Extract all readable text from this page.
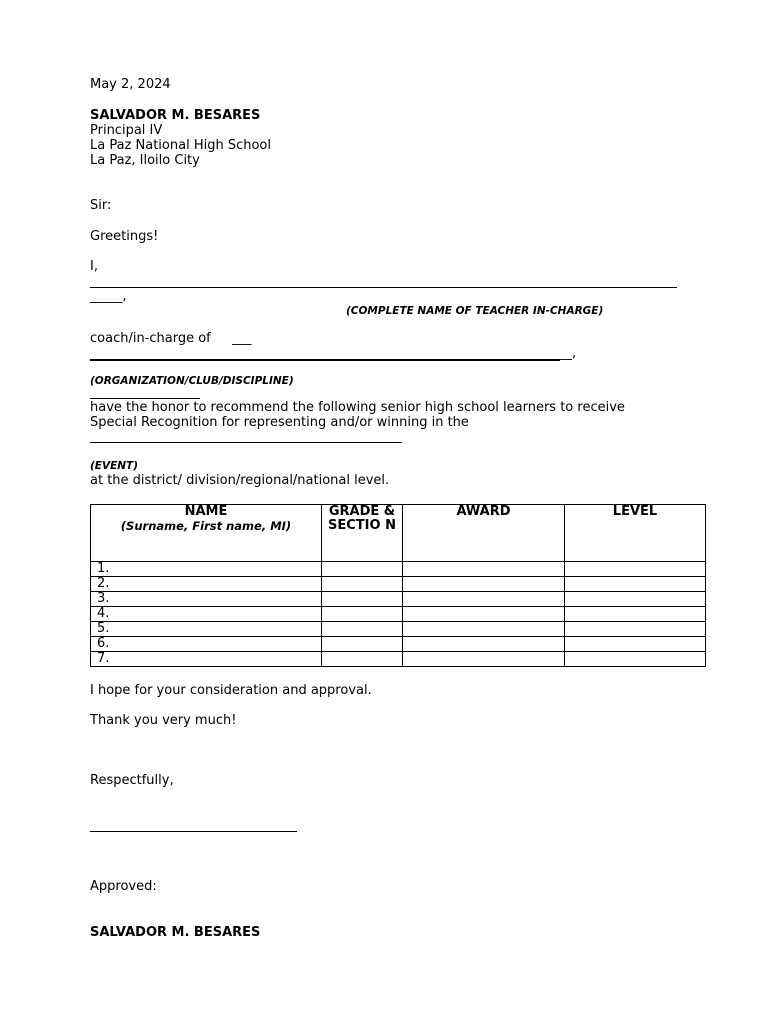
May 2, 2024
SALVADOR M. BESARES
Principal IV
La Paz National High School
La Paz, Iloilo City
Sir:
Greetings!
I,
_____,
(COMPLETE NAME OF TEACHER IN-CHARGE)
coach/in-charge of ___
__,
(ORGANIZATION/CLUB/DISCIPLINE)
have the honor to recommend the following senior high school learners to receive
Special Recognition for representing and/or winning in the
(EVENT)
at the district/ division/regional/national level.
NAME
(Surname, First name, MI)	GRADE & SECTIO N	AWARD	LEVEL
1.			
2.			
3.			
4.			
5.			
6.			
7.			
I hope for your consideration and approval.
Thank you very much!
Respectfully,
Approved:
SALVADOR M. BESARES
